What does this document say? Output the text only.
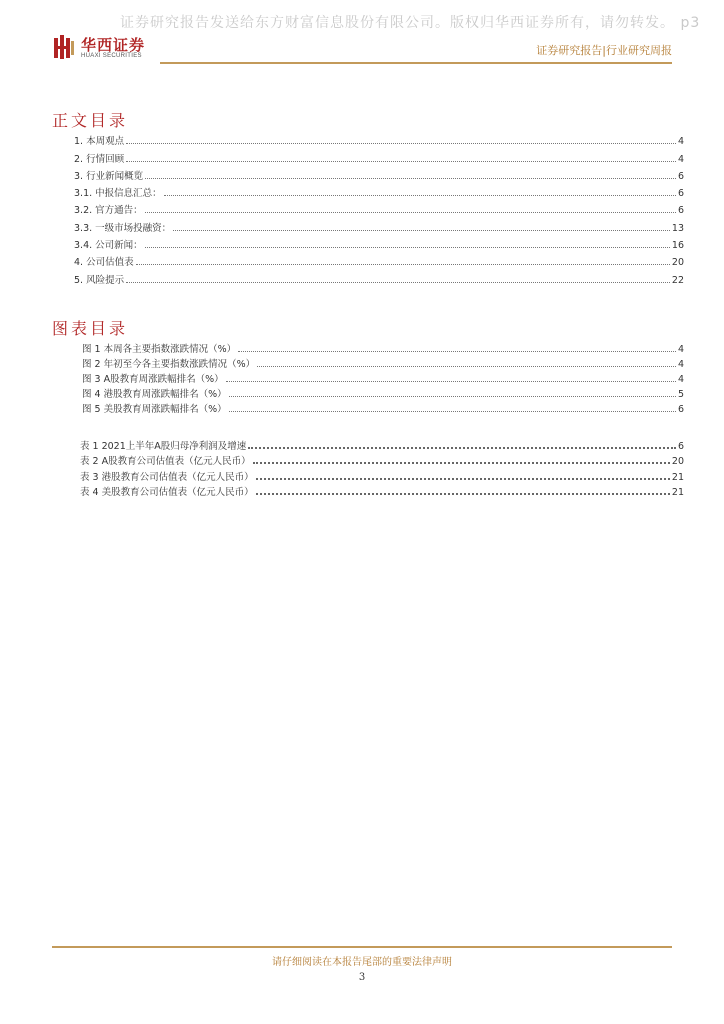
证券研究报告发送给东方财富信息股份有限公司。版权归华西证券所有，请勿转发。 p3
华西证券
HUAXI SECURITIES	证券研究报告|行业研究周报
正文目录
1. 本周观点	4
2. 行情回顾	4
3. 行业新闻概览	6
3.1. 中报信息汇总：	6
3.2. 官方通告：	6
3.3. 一级市场投融资：	13
3.4. 公司新闻：	16
4. 公司估值表	20
5. 风险提示	22
图表目录
图 1 本周各主要指数涨跌情况（%）	4
图 2 年初至今各主要指数涨跌情况（%）	4
图 3 A股教育周涨跌幅排名（%）	4
图 4 港股教育周涨跌幅排名（%）	5
图 5 美股教育周涨跌幅排名（%）	6
表 1 2021上半年A股归母净利润及增速	6
表 2 A股教育公司估值表（亿元人民币）	20
表 3 港股教育公司估值表（亿元人民币）	21
表 4 美股教育公司估值表（亿元人民币）	21
请仔细阅读在本报告尾部的重要法律声明
3
